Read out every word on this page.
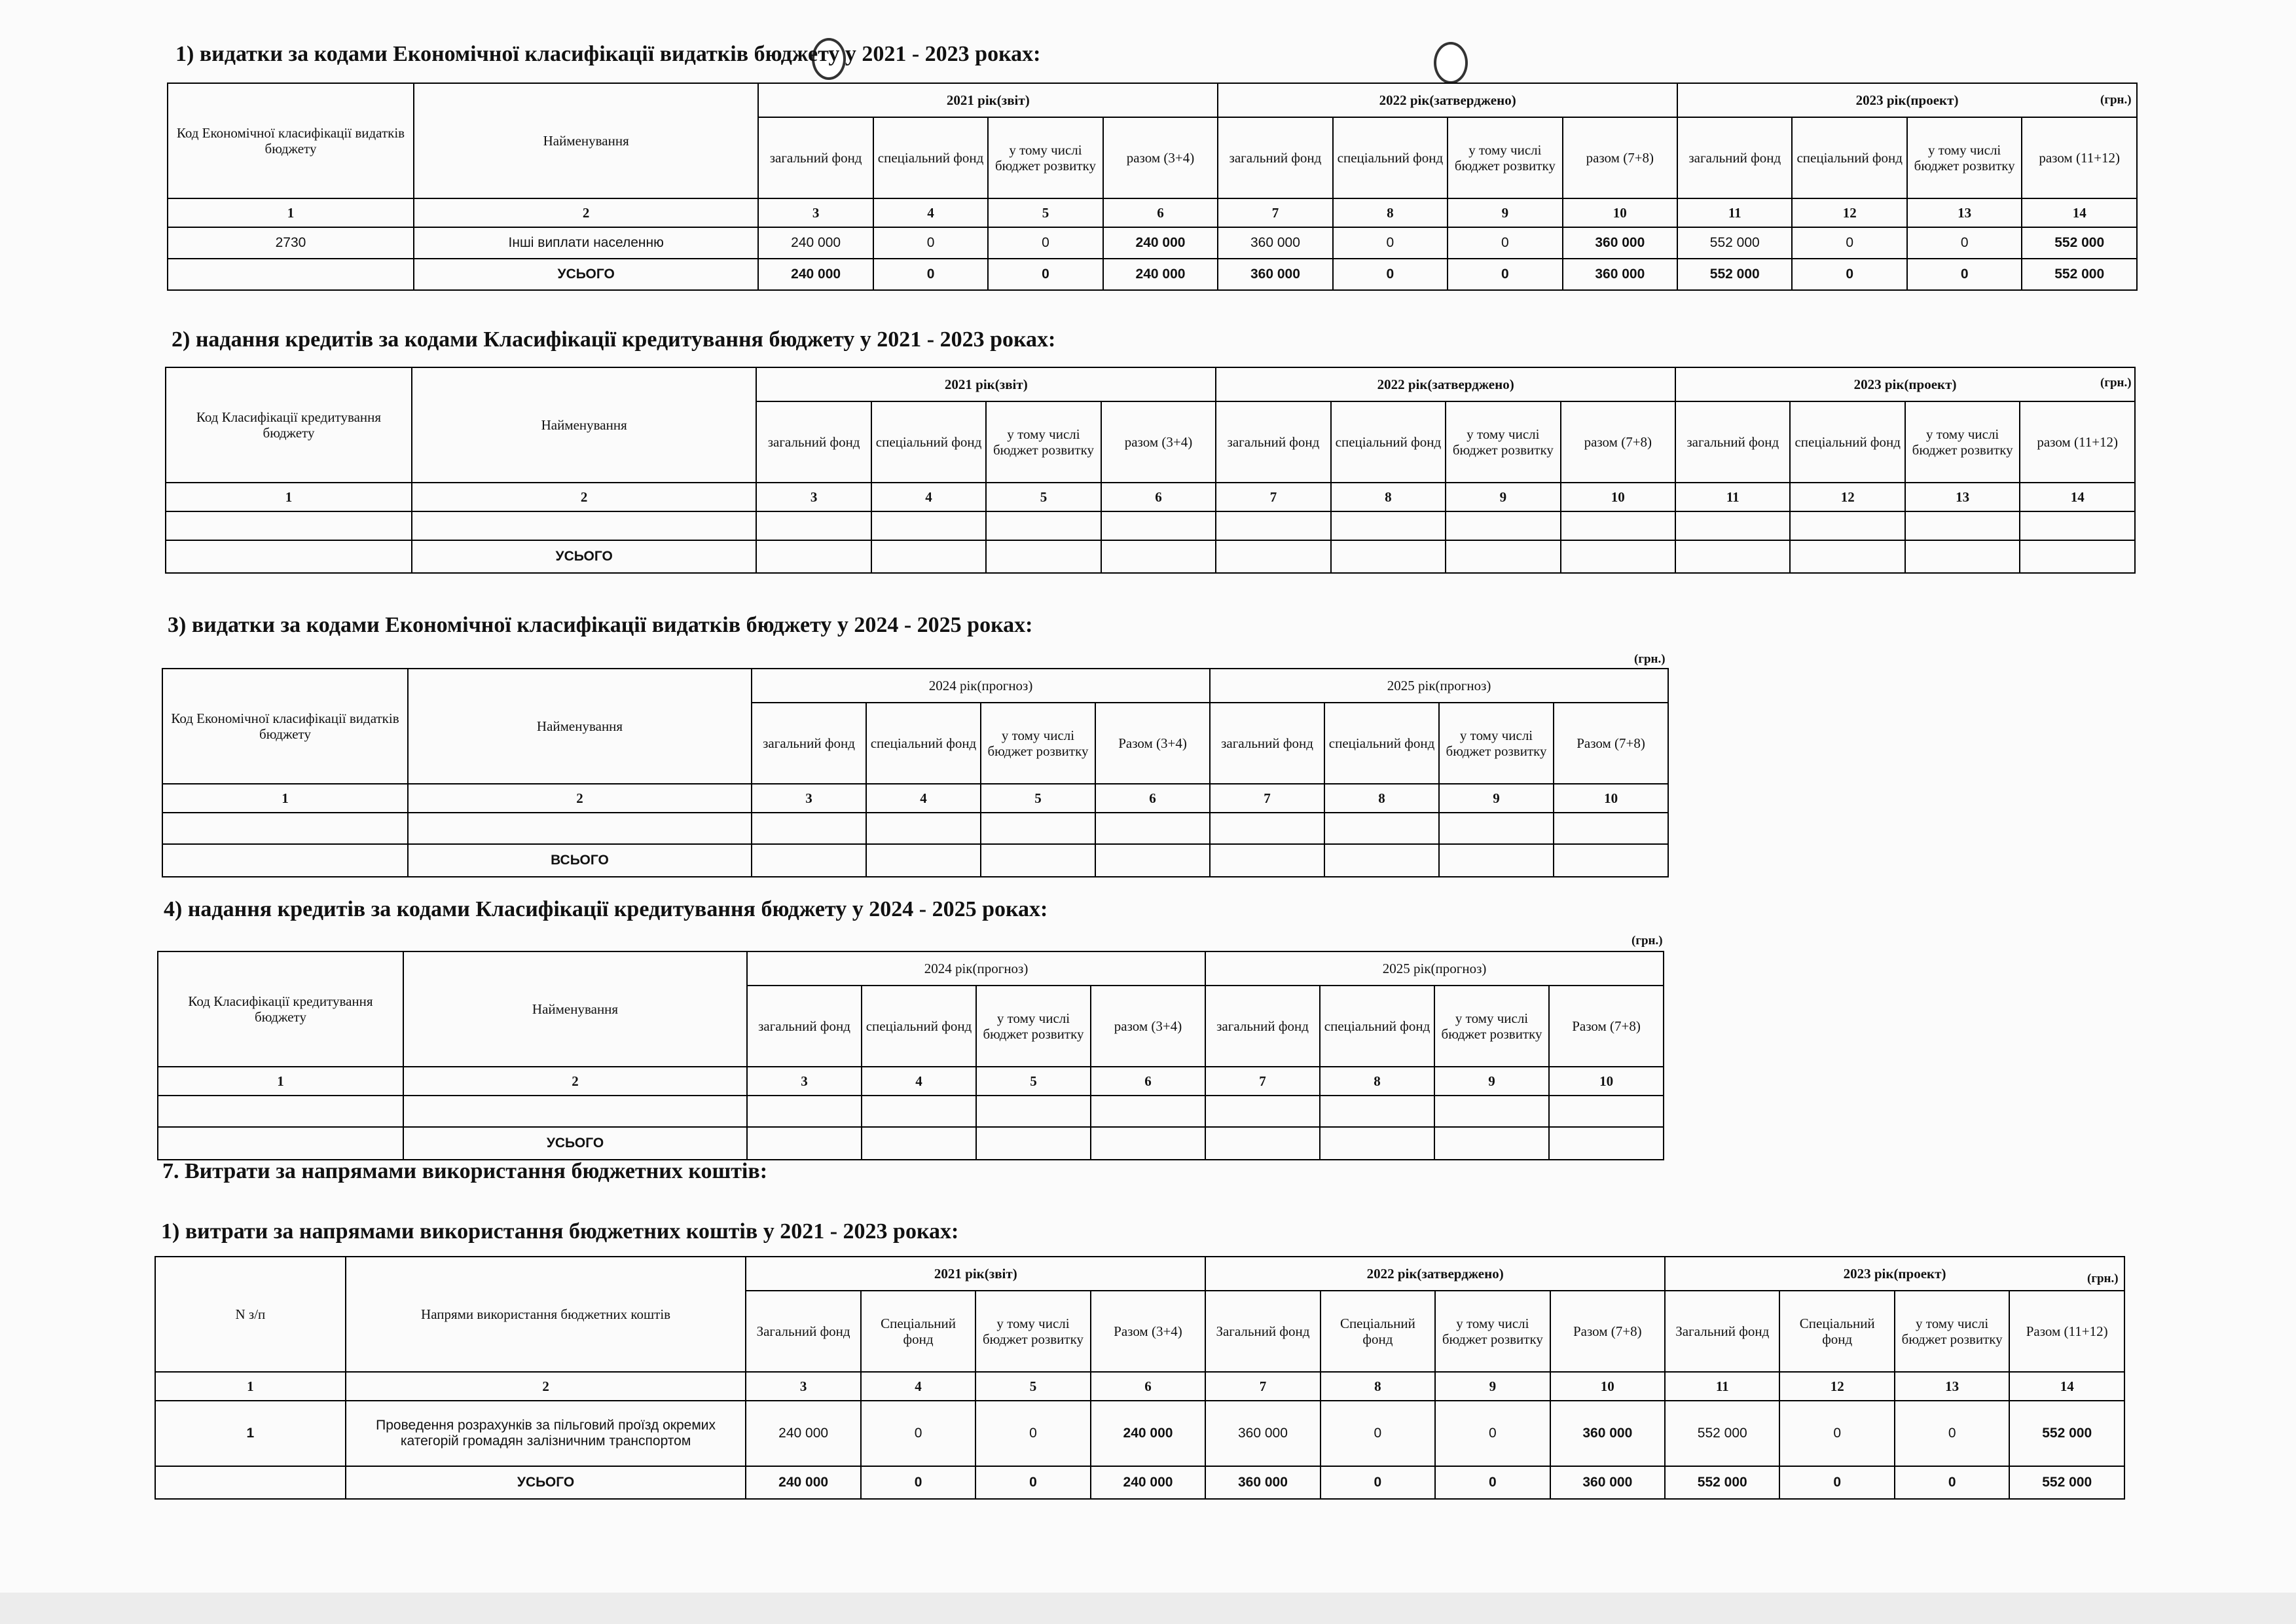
1) видатки за кодами Економічної класифікації видатків бюджету у 2021 - 2023 роках:
(грн.)
Код Економічної класифікації видатків бюджету	Найменування	2021 рік(звіт)				2022 рік(затверджено)				2023 рік(проект)			
		загальний фонд	спеціальний фонд	у тому числі бюджет розвитку	разом (3+4)	загальний фонд	спеціальний фонд	у тому числі бюджет розвитку	разом (7+8)	загальний фонд	спеціальний фонд	у тому числі бюджет розвитку	разом (11+12)
1	2	3	4	5	6	7	8	9	10	11	12	13	14
2730	Інші виплати населенню	240 000	0	0	240 000	360 000	0	0	360 000	552 000	0	0	552 000
	УСЬОГО	240 000	0	0	240 000	360 000	0	0	360 000	552 000	0	0	552 000
2) надання кредитів за кодами Класифікації кредитування бюджету у 2021 - 2023 роках:
(грн.)
Код Класифікації кредитування бюджету	Найменування	2021 рік(звіт)				2022 рік(затверджено)				2023 рік(проект)			
		загальний фонд	спеціальний фонд	у тому числі бюджет розвитку	разом (3+4)	загальний фонд	спеціальний фонд	у тому числі бюджет розвитку	разом (7+8)	загальний фонд	спеціальний фонд	у тому числі бюджет розвитку	разом (11+12)
1	2	3	4	5	6	7	8	9	10	11	12	13	14

	УСЬОГО												
3) видатки за кодами Економічної класифікації видатків бюджету у 2024 - 2025 роках:
(грн.)
Код Економічної класифікації видатків бюджету	Найменування	2024 рік(прогноз)				2025 рік(прогноз)			
		загальний фонд	спеціальний фонд	у тому числі бюджет розвитку	Разом (3+4)	загальний фонд	спеціальний фонд	у тому числі бюджет розвитку	Разом (7+8)
1	2	3	4	5	6	7	8	9	10

	ВСЬОГО								
4) надання кредитів за кодами Класифікації кредитування бюджету у 2024 - 2025 роках:
(грн.)
Код Класифікації кредитування бюджету	Найменування	2024 рік(прогноз)				2025 рік(прогноз)			
		загальний фонд	спеціальний фонд	у тому числі бюджет розвитку	разом (3+4)	загальний фонд	спеціальний фонд	у тому числі бюджет розвитку	Разом (7+8)
1	2	3	4	5	6	7	8	9	10

	УСЬОГО								
7. Витрати за напрямами використання бюджетних коштів:
1) витрати за напрямами використання бюджетних коштів у 2021 - 2023 роках:
(грн.)
N з/п	Напрями використання бюджетних коштів	2021 рік(звіт)				2022 рік(затверджено)				2023 рік(проект)			
		Загальний фонд	Спеціальний фонд	у тому числі бюджет розвитку	Разом (3+4)	Загальний фонд	Спеціальний фонд	у тому числі бюджет розвитку	Разом (7+8)	Загальний фонд	Спеціальний фонд	у тому числі бюджет розвитку	Разом (11+12)
1	2	3	4	5	6	7	8	9	10	11	12	13	14
1	Проведення розрахунків за пільговий проїзд окремих категорій громадян залізничним транспортом	240 000	0	0	240 000	360 000	0	0	360 000	552 000	0	0	552 000
	УСЬОГО	240 000	0	0	240 000	360 000	0	0	360 000	552 000	0	0	552 000
